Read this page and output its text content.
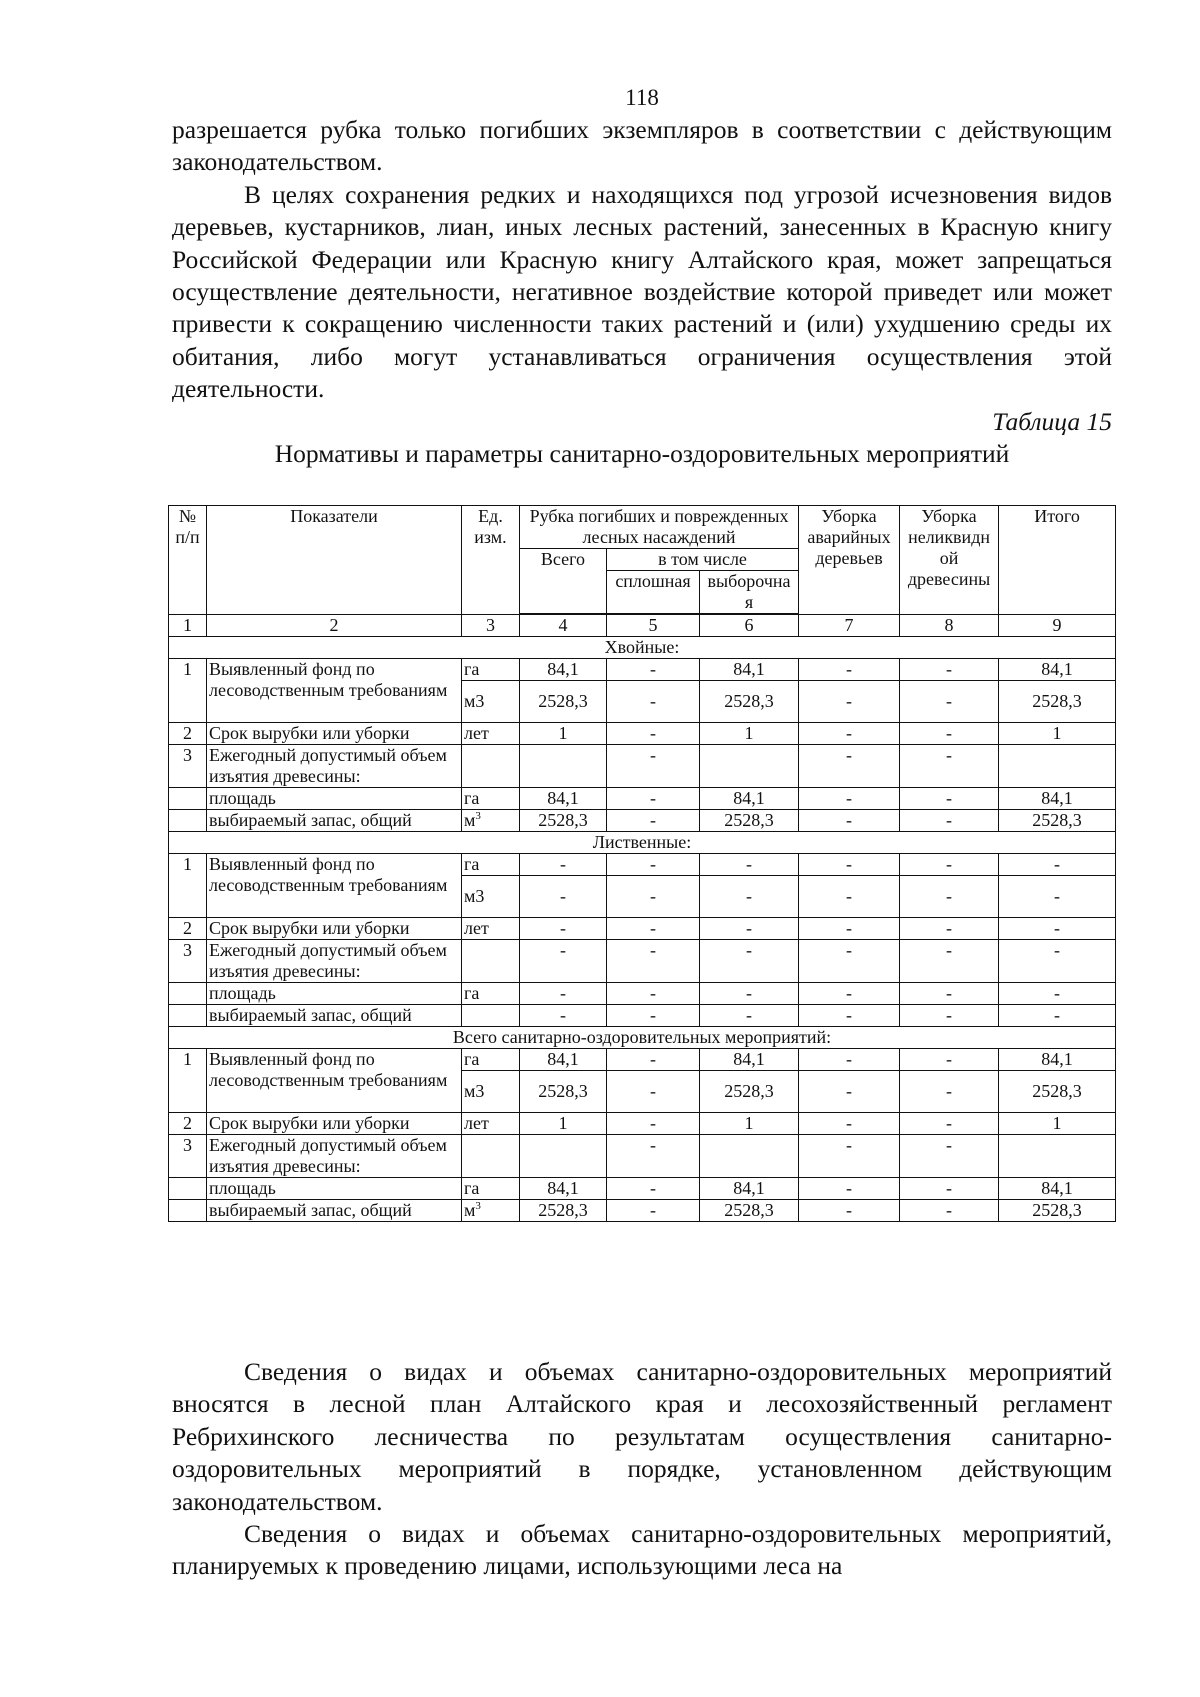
118

разрешается рубка только погибших экземпляров в соответствии с действующим законодательством.

В целях сохранения редких и находящихся под угрозой исчезновения видов деревьев, кустарников, лиан, иных лесных растений, занесенных в Красную книгу Российской Федерации или Красную книгу Алтайского края, может запрещаться осуществление деятельности, негативное воздействие которой приведет или может привести к сокращению численности таких растений и (или) ухудшению среды их обитания, либо могут устанавливаться ограничения осуществления этой деятельности.

Таблица 15
Нормативы и параметры санитарно-оздоровительных мероприятий
№ п/п	Показатели	Ед. изм.	Рубка погибших и поврежденных лесных насаждений			Уборка аварийных деревьев	Уборка неликвидн ой древесины	Итого
			Всего	в том числе				
				сплошная	выборочна я			

1	2	3	4	5	6	7	8	9
Хвойные:								
1	Выявленный фонд по лесоводственным требованиям	га	84,1	-	84,1	-	-	84,1
		м3	2528,3	-	2528,3	-	-	2528,3
2	Срок вырубки или уборки	лет	1	-	1	-	-	1
3	Ежегодный допустимый объем изъятия древесины:			-		-	-	
	площадь	га	84,1	-	84,1	-	-	84,1
	выбираемый запас, общий	$м^3$	2528,3	-	2528,3	-	-	2528,3
Лиственные:								
1	Выявленный фонд по лесоводственным требованиям	га	-	-	-	-	-	-
		м3	-	-	-	-	-	-
2	Срок вырубки или уборки	лет	-	-	-	-	-	-
3	Ежегодный допустимый объем изъятия древесины:		-	-	-	-	-	-
	площадь	га	-	-	-	-	-	-
	выбираемый запас, общий		-	-	-	-	-	-
Всего санитарно-оздоровительных мероприятий:								
1	Выявленный фонд по лесоводственным требованиям	га	84,1	-	84,1	-	-	84,1
		м3	2528,3	-	2528,3	-	-	2528,3
2	Срок вырубки или уборки	лет	1	-	1	-	-	1
3	Ежегодный допустимый объем изъятия древесины:			-		-	-	
	площадь	га	84,1	-	84,1	-	-	84,1
	выбираемый запас, общий	$м^3$	2528,3	-	2528,3	-	-	2528,3

Сведения о видах и объемах санитарно-оздоровительных мероприятий вносятся в лесной план Алтайского края и лесохозяйственный регламент Ребрихинского лесничества по результатам осуществления санитарно-оздоровительных мероприятий в порядке, установленном действующим законодательством.

Сведения о видах и объемах санитарно-оздоровительных мероприятий, планируемых к проведению лицами, использующими леса на
